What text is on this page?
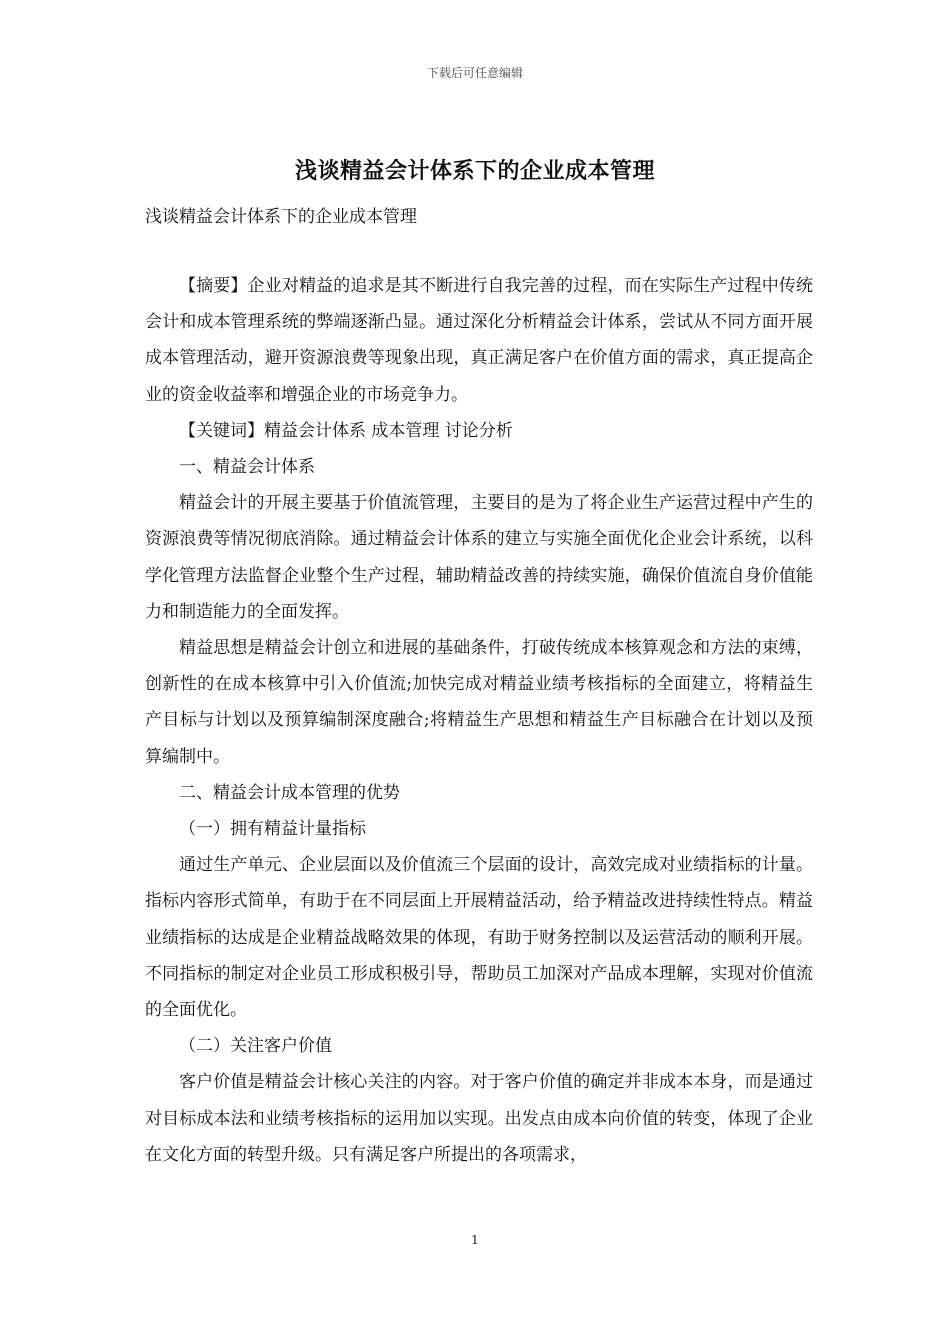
下载后可任意编辑
浅谈精益会计体系下的企业成本管理
浅谈精益会计体系下的企业成本管理

【摘要】企业对精益的追求是其不断进行自我完善的过程，而在实际生产过程中传统会计和成本管理系统的弊端逐渐凸显。通过深化分析精益会计体系，尝试从不同方面开展成本管理活动，避开资源浪费等现象出现，真正满足客户在价值方面的需求，真正提高企业的资金收益率和增强企业的市场竞争力。

【关键词】精益会计体系 成本管理 讨论分析

一、精益会计体系

精益会计的开展主要基于价值流管理，主要目的是为了将企业生产运营过程中产生的资源浪费等情况彻底消除。通过精益会计体系的建立与实施全面优化企业会计系统，以科学化管理方法监督企业整个生产过程，辅助精益改善的持续实施，确保价值流自身价值能力和制造能力的全面发挥。

精益思想是精益会计创立和进展的基础条件，打破传统成本核算观念和方法的束缚，创新性的在成本核算中引入价值流;加快完成对精益业绩考核指标的全面建立，将精益生产目标与计划以及预算编制深度融合;将精益生产思想和精益生产目标融合在计划以及预算编制中。

二、精益会计成本管理的优势

（一）拥有精益计量指标

通过生产单元、企业层面以及价值流三个层面的设计，高效完成对业绩指标的计量。指标内容形式简单，有助于在不同层面上开展精益活动，给予精益改进持续性特点。精益业绩指标的达成是企业精益战略效果的体现，有助于财务控制以及运营活动的顺利开展。不同指标的制定对企业员工形成积极引导，帮助员工加深对产品成本理解，实现对价值流的全面优化。

（二）关注客户价值

客户价值是精益会计核心关注的内容。对于客户价值的确定并非成本本身，而是通过对目标成本法和业绩考核指标的运用加以实现。出发点由成本向价值的转变，体现了企业在文化方面的转型升级。只有满足客户所提出的各项需求，

1
